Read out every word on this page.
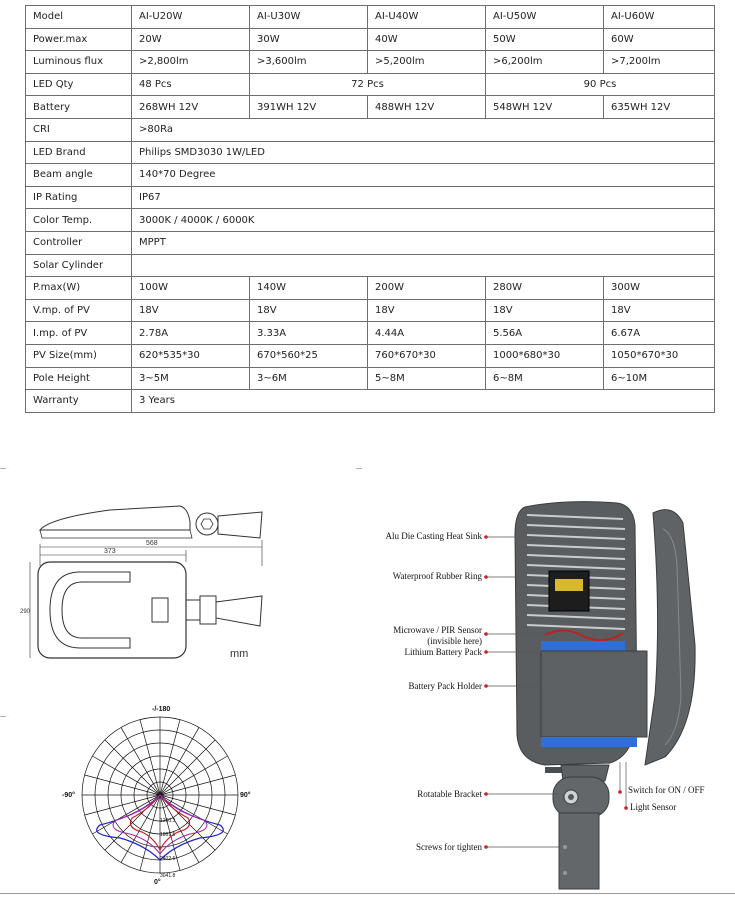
Model	AI-U20W	AI-U30W	AI-U40W	AI-U50W	AI-U60W
Power.max	20W	30W	40W	50W	60W
Luminous flux	>2,800lm	>3,600lm	>5,200lm	>6,200lm	>7,200lm
LED Qty	48 Pcs	72 Pcs		90 Pcs	
Battery	268WH 12V	391WH 12V	488WH 12V	548WH 12V	635WH 12V
CRI	>80Ra				
LED Brand	Philips SMD3030 1W/LED				
Beam angle	140*70 Degree				
IP Rating	IP67				
Color Temp.	3000K / 4000K / 6000K				
Controller	MPPT				
Solar Cylinder					
P.max(W)	100W	140W	200W	280W	300W
V.mp. of PV	18V	18V	18V	18V	18V
I.mp. of PV	2.78A	3.33A	4.44A	5.56A	6.67A
PV Size(mm)	620*535*30	670*560*25	760*670*30	1000*680*30	1050*670*30
Pole Height	3~5M	3~6M	5~8M	6~8M	6~10M
Warranty	3 Years				
568
373
290
mm
-/-180
-90°	90°
0°
1200.3
1801.5
2402.6
3041.8
Alu Die Casting Heat Sink
Waterproof Rubber Ring
Microwave / PIR Sensor
(invisible here)
Lithium Battery Pack
Battery Pack Holder
Rotatable Bracket
Screws for tighten
Switch for ON / OFF
Light Sensor
